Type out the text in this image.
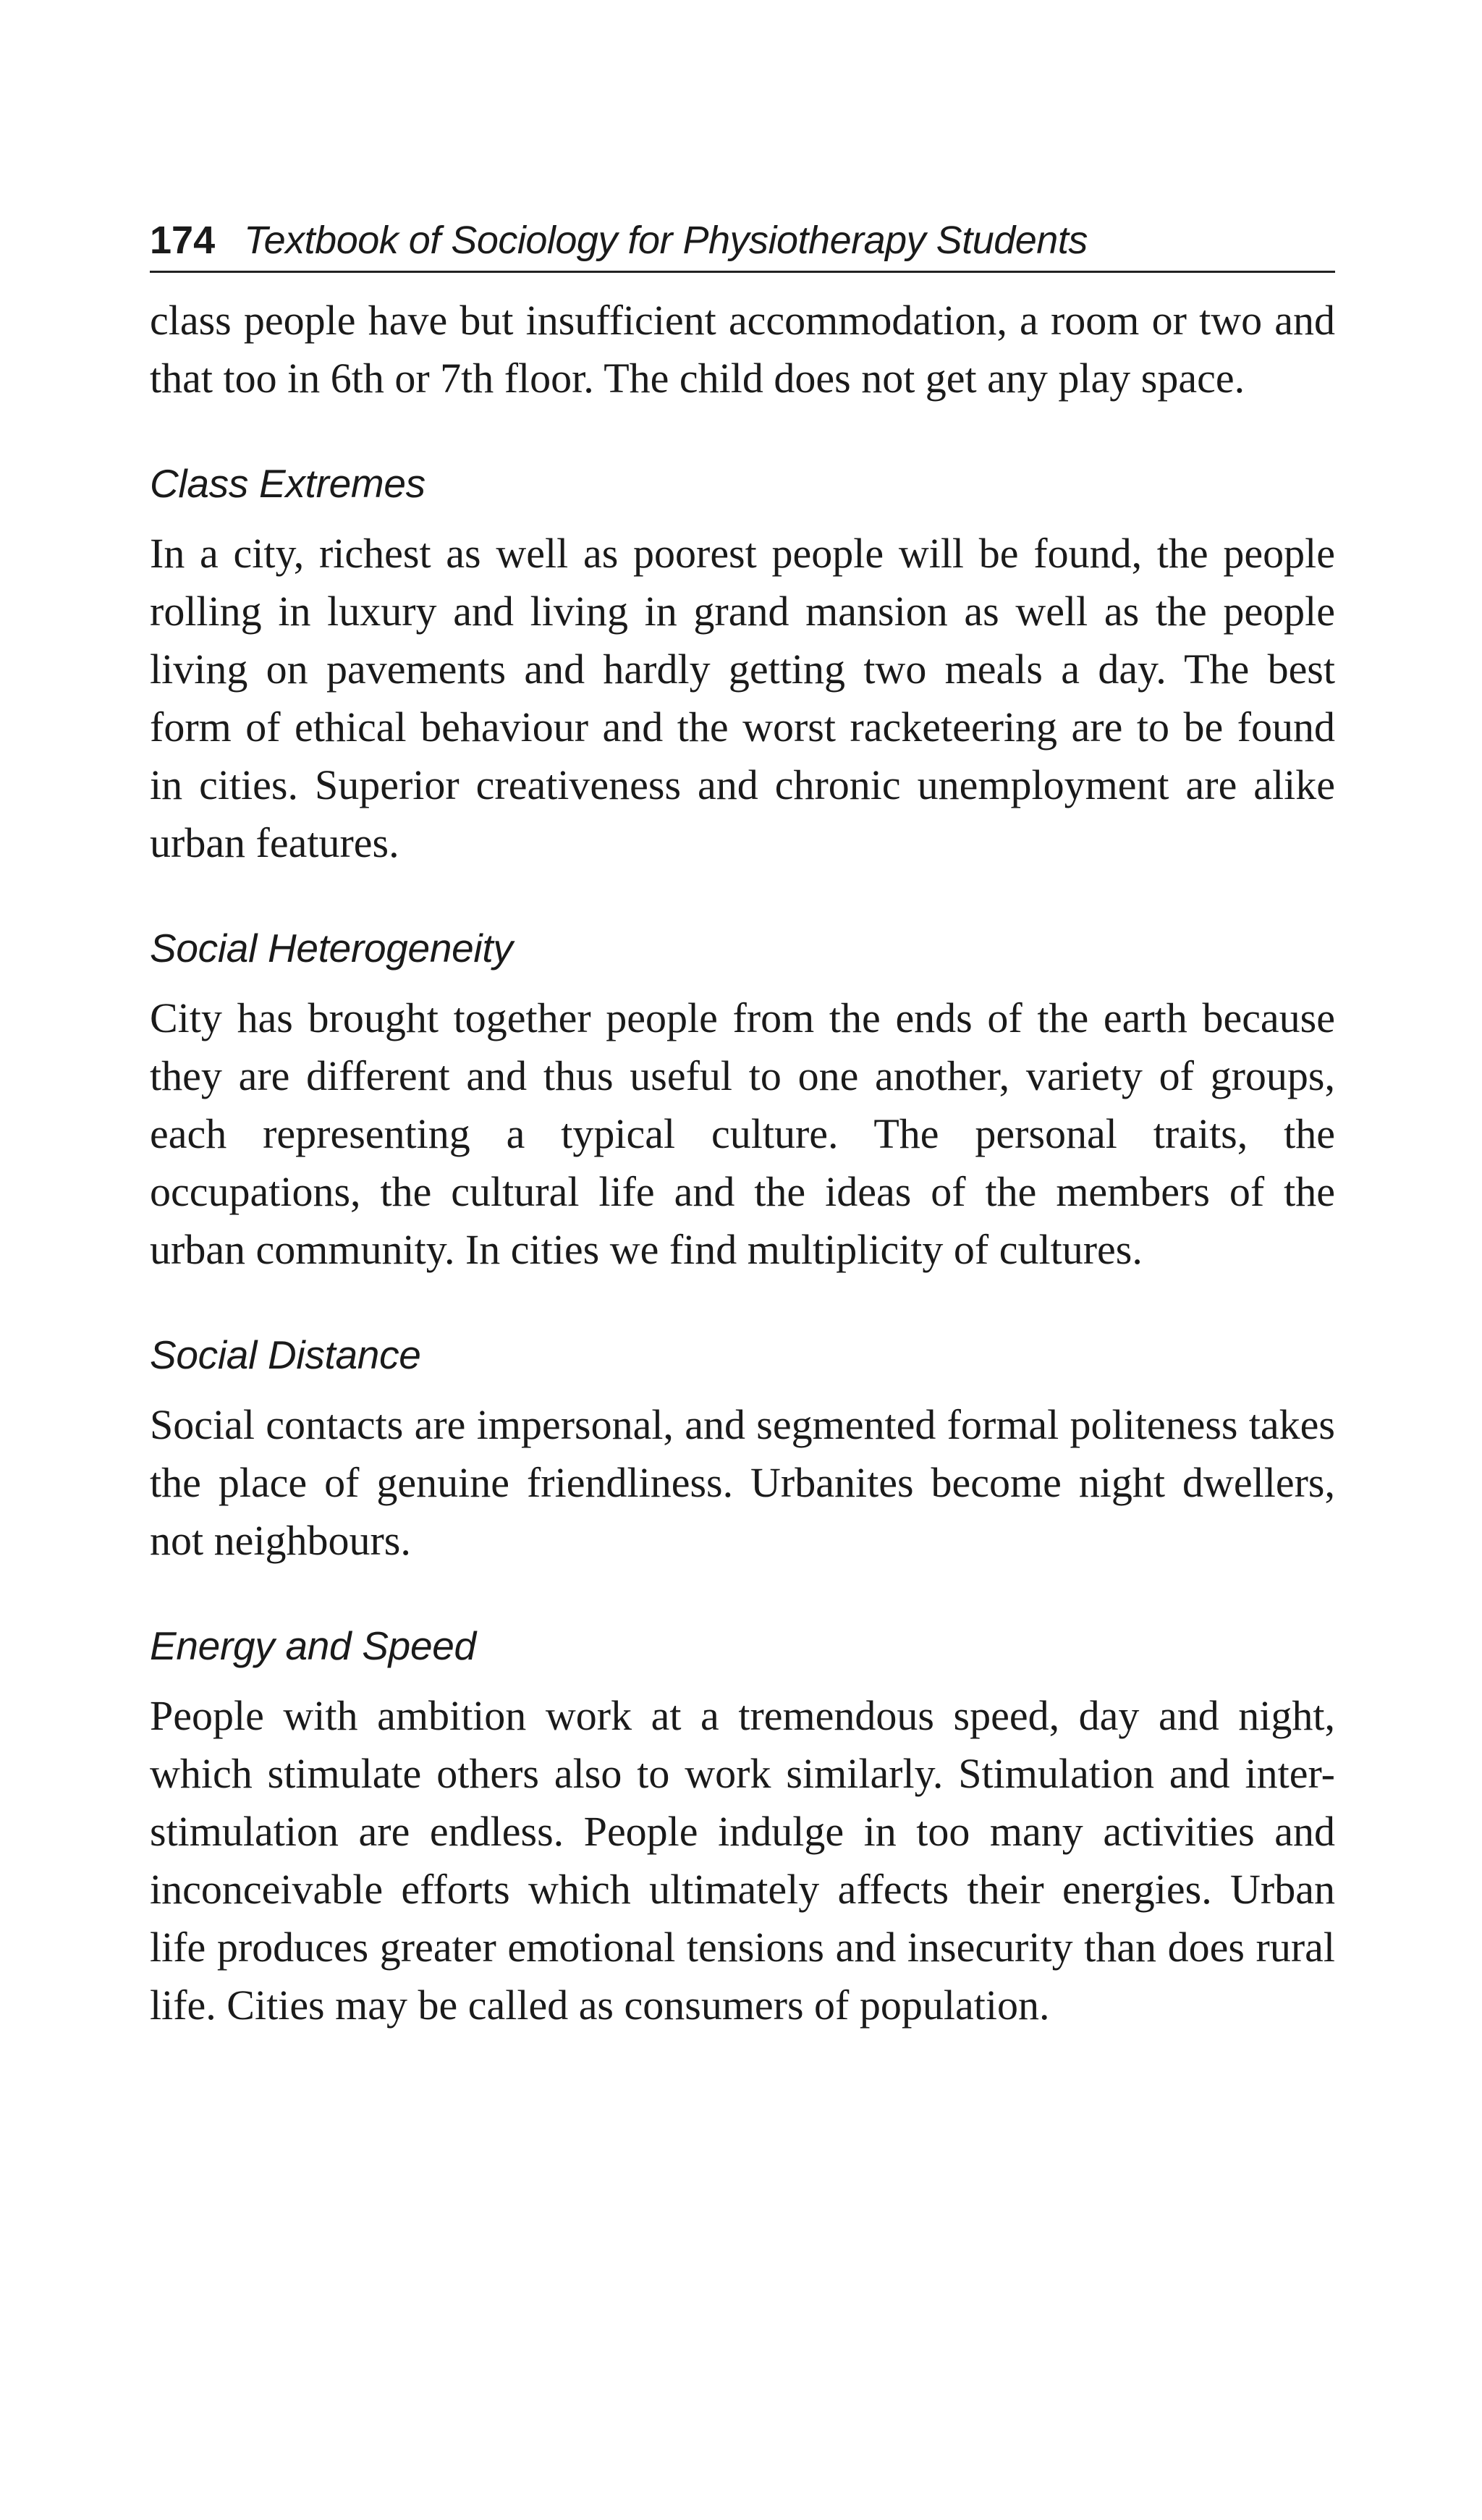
174 Textbook of Sociology for Physiotherapy Students

class people have but insufficient accommodation, a room or two and that too in 6th or 7th floor. The child does not get any play space.

Class Extremes

In a city, richest as well as poorest people will be found, the people rolling in luxury and living in grand mansion as well as the people living on pavements and hardly getting two meals a day. The best form of ethical behaviour and the worst racketeering are to be found in cities. Superior creativeness and chronic unemployment are alike urban features.

Social Heterogeneity

City has brought together people from the ends of the earth because they are different and thus useful to one another, variety of groups, each representing a typical culture. The personal traits, the occupations, the cultural life and the ideas of the members of the urban community. In cities we find multiplicity of cultures.

Social Distance

Social contacts are impersonal, and segmented formal politeness takes the place of genuine friendliness. Urbanites become night dwellers, not neighbours.

Energy and Speed

People with ambition work at a tremendous speed, day and night, which stimulate others also to work similarly. Stimulation and inter-stimulation are endless. People indulge in too many activities and inconceivable efforts which ultimately affects their energies. Urban life produces greater emotional tensions and insecurity than does rural life. Cities may be called as consumers of population.
